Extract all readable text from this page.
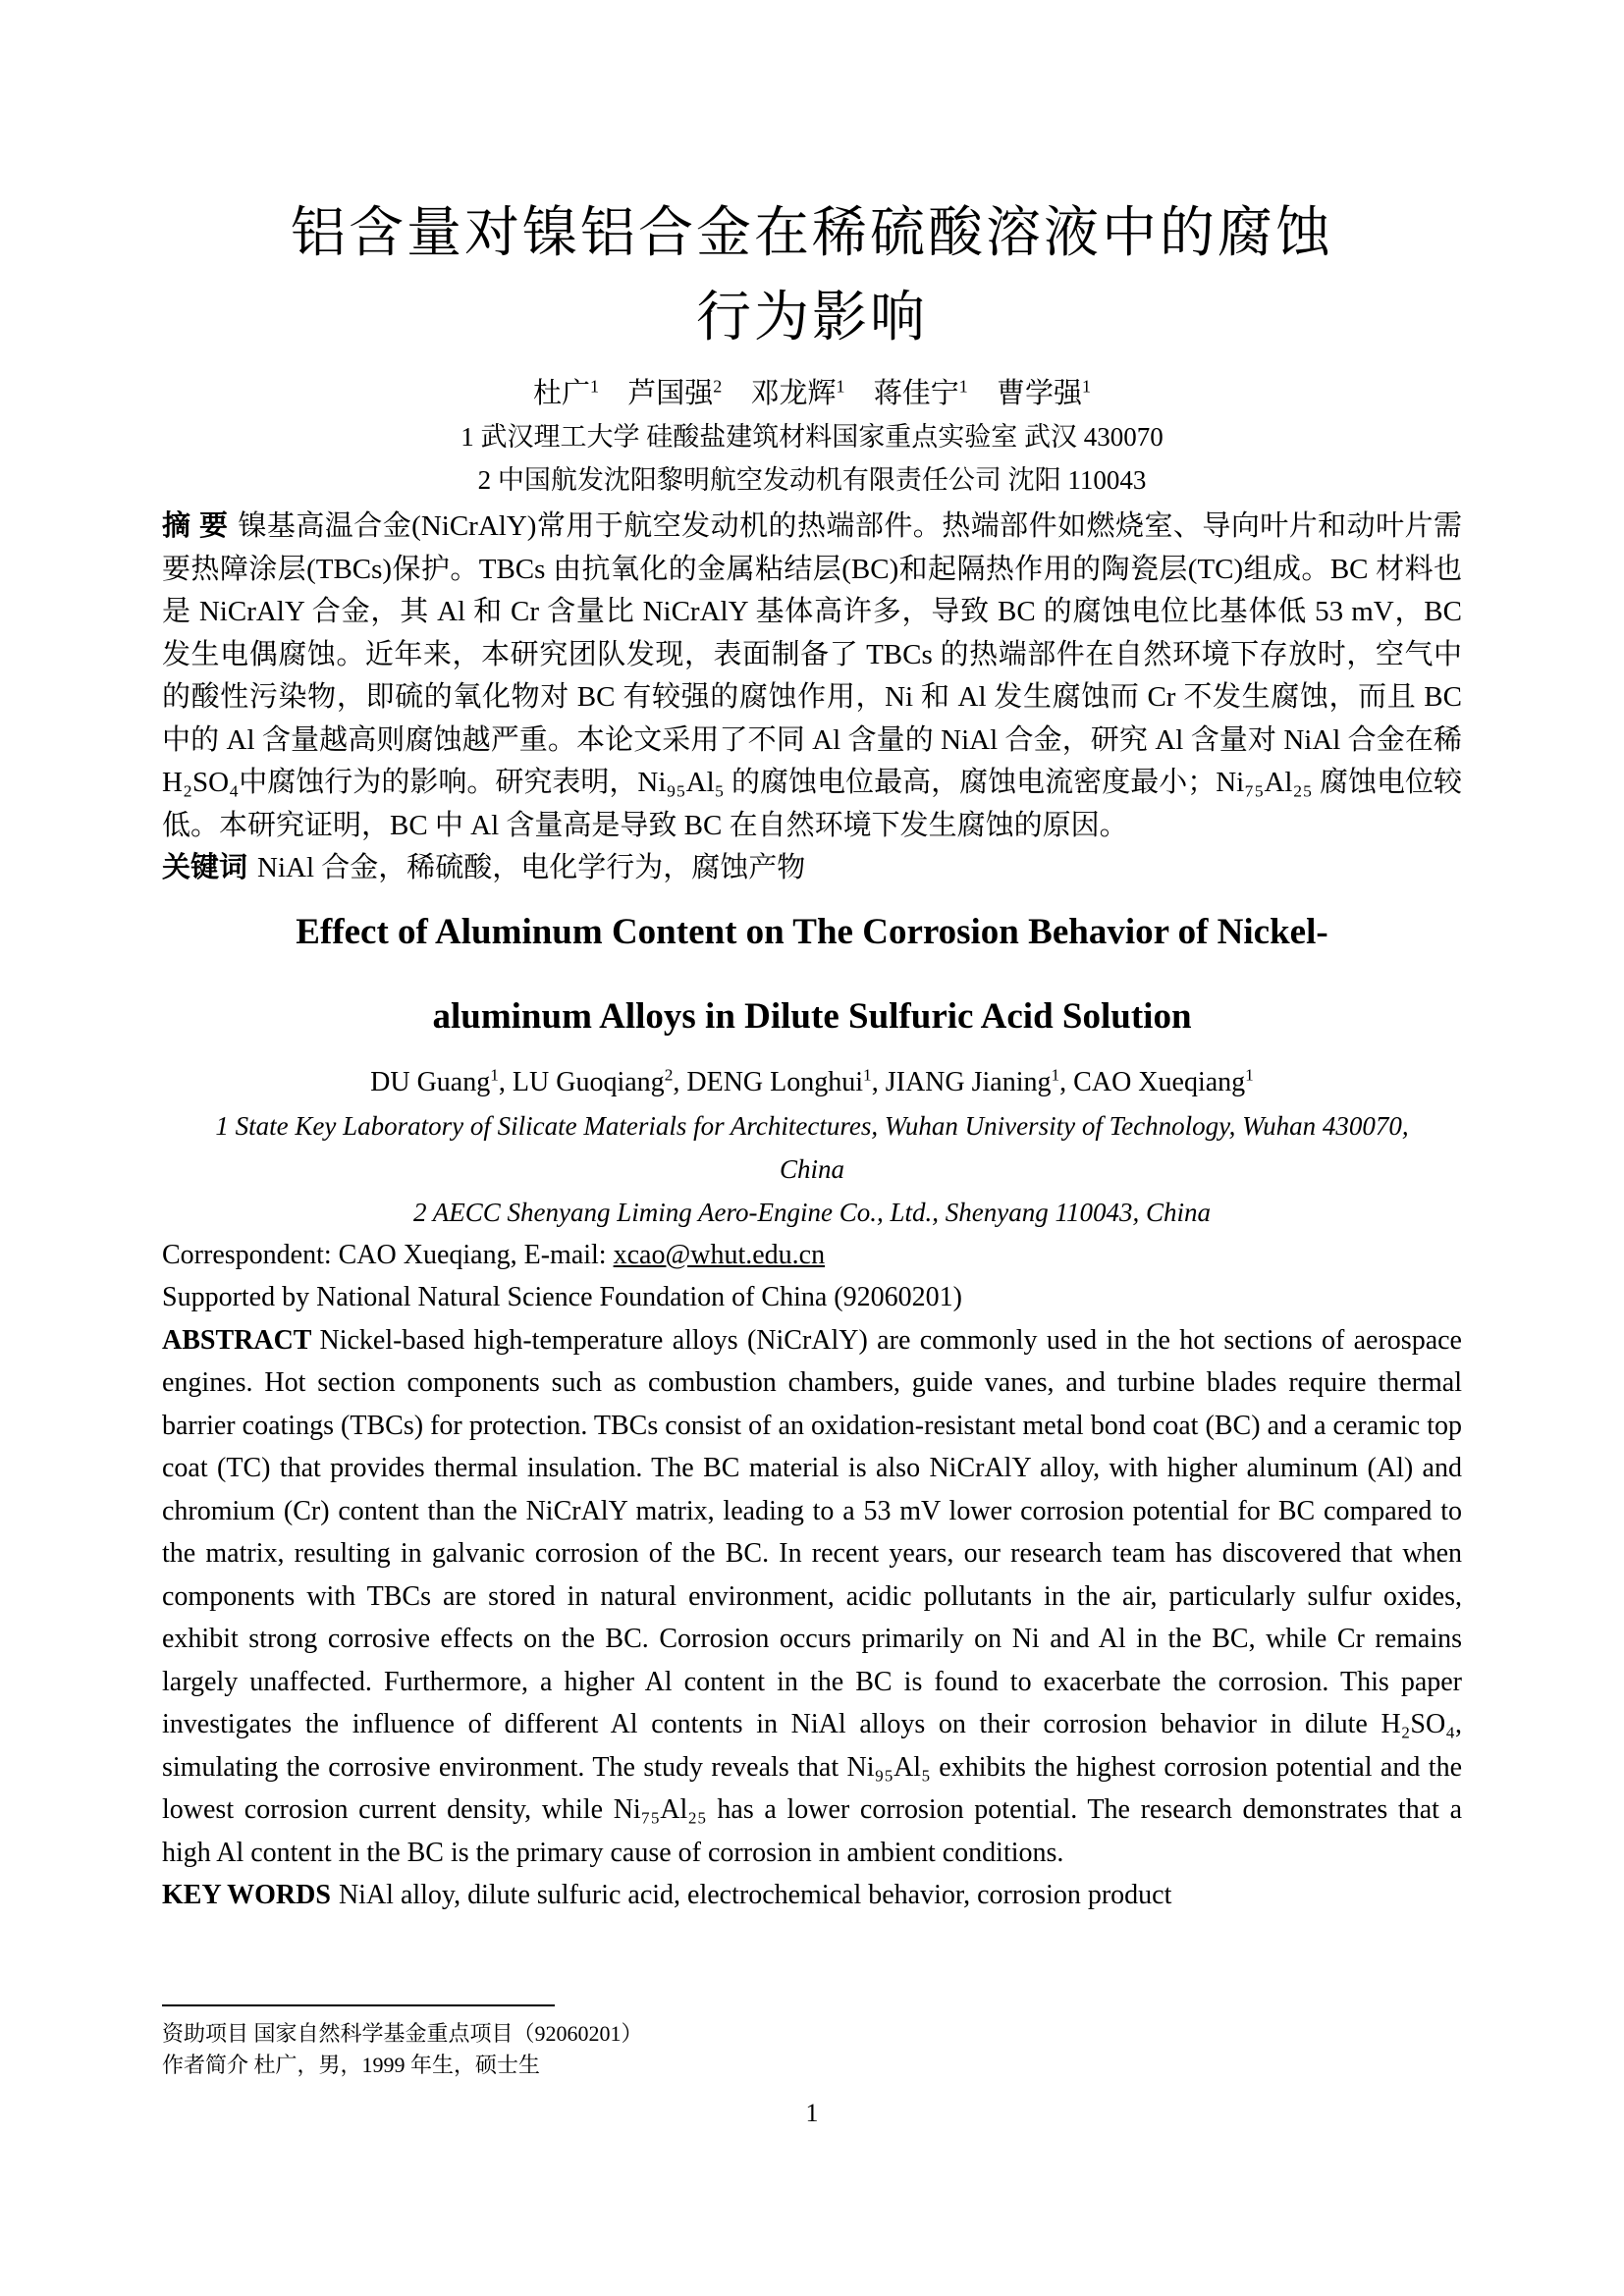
铝含量对镍铝合金在稀硫酸溶液中的腐蚀
行为影响
杜广$^1$ 芦国强$^2$ 邓龙辉$^1$ 蒋佳宁$^1$ 曹学强$^1$
1 武汉理工大学 硅酸盐建筑材料国家重点实验室 武汉 430070
2 中国航发沈阳黎明航空发动机有限责任公司 沈阳 110043

摘 要 镍基高温合金(NiCrAlY)常用于航空发动机的热端部件。热端部件如燃烧室、导向叶片和动叶片需要热障涂层(TBCs)保护。TBCs 由抗氧化的金属粘结层(BC)和起隔热作用的陶瓷层(TC)组成。BC 材料也是 NiCrAlY 合金，其 Al 和 Cr 含量比 NiCrAlY 基体高许多，导致 BC 的腐蚀电位比基体低 53 mV，BC 发生电偶腐蚀。近年来，本研究团队发现，表面制备了 TBCs 的热端部件在自然环境下存放时，空气中的酸性污染物，即硫的氧化物对 BC 有较强的腐蚀作用，Ni 和 Al 发生腐蚀而 Cr 不发生腐蚀，而且 BC 中的 Al 含量越高则腐蚀越严重。本论文采用了不同 Al 含量的 NiAl 合金，研究 Al 含量对 NiAl 合金在稀 H₂SO₄中腐蚀行为的影响。研究表明，Ni₉₅Al₅ 的腐蚀电位最高，腐蚀电流密度最小；Ni₇₅Al₂₅ 腐蚀电位较低。本研究证明，BC 中 Al 含量高是导致 BC 在自然环境下发生腐蚀的原因。

关键词 NiAl 合金，稀硫酸，电化学行为，腐蚀产物

Effect of Aluminum Content on The Corrosion Behavior of Nickel-
aluminum Alloys in Dilute Sulfuric Acid Solution
DU Guang$^1$, LU Guoqiang$^2$, DENG Longhui$^1$, JIANG Jianing$^1$, CAO Xueqiang$^1$
1 State Key Laboratory of Silicate Materials for Architectures, Wuhan University of Technology, Wuhan 430070,
China
2 AECC Shenyang Liming Aero-Engine Co., Ltd., Shenyang 110043, China
Correspondent: CAO Xueqiang, E-mail: xcao@whut.edu.cn
Supported by National Natural Science Foundation of China (92060201)

ABSTRACT Nickel-based high-temperature alloys (NiCrAlY) are commonly used in the hot sections of aerospace engines. Hot section components such as combustion chambers, guide vanes, and turbine blades require thermal barrier coatings (TBCs) for protection. TBCs consist of an oxidation-resistant metal bond coat (BC) and a ceramic top coat (TC) that provides thermal insulation. The BC material is also NiCrAlY alloy, with higher aluminum (Al) and chromium (Cr) content than the NiCrAlY matrix, leading to a 53 mV lower corrosion potential for BC compared to the matrix, resulting in galvanic corrosion of the BC. In recent years, our research team has discovered that when components with TBCs are stored in natural environment, acidic pollutants in the air, particularly sulfur oxides, exhibit strong corrosive effects on the BC. Corrosion occurs primarily on Ni and Al in the BC, while Cr remains largely unaffected. Furthermore, a higher Al content in the BC is found to exacerbate the corrosion. This paper investigates the influence of different Al contents in NiAl alloys on their corrosion behavior in dilute H₂SO₄, simulating the corrosive environment. The study reveals that Ni₉₅Al₅ exhibits the highest corrosion potential and the lowest corrosion current density, while Ni₇₅Al₂₅ has a lower corrosion potential. The research demonstrates that a high Al content in the BC is the primary cause of corrosion in ambient conditions.

KEY WORDS NiAl alloy, dilute sulfuric acid, electrochemical behavior, corrosion product

资助项目 国家自然科学基金重点项目（92060201）
作者简介 杜广，男，1999 年生，硕士生
1
